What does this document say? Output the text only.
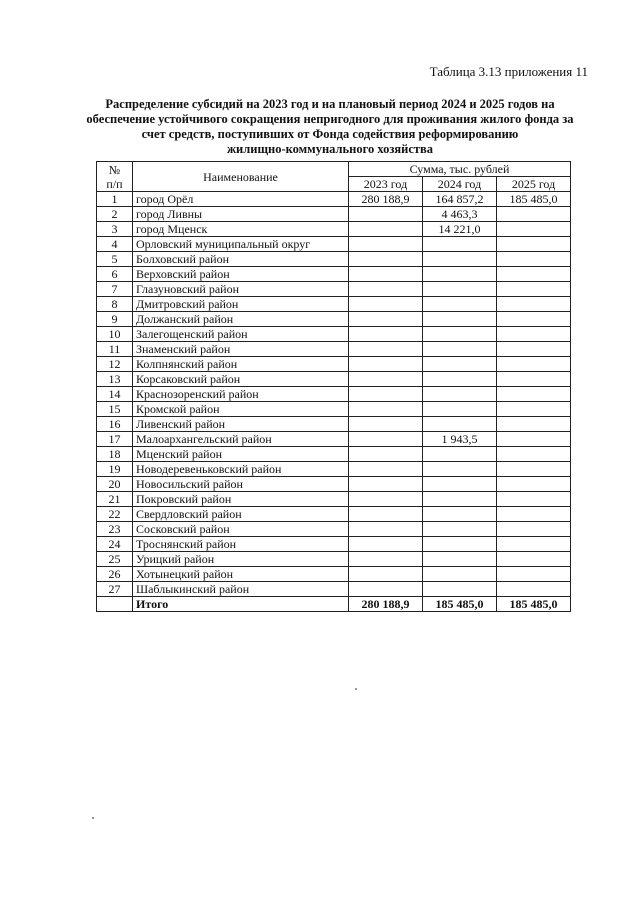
Таблица 3.13 приложения 11
Распределение субсидий на 2023 год и на плановый период 2024 и 2025 годов на
обеспечение устойчивого сокращения непригодного для проживания жилого фонда за
счет средств, поступивших от Фонда содействия реформированию
жилищно-коммунального хозяйства
№
п/п	Наименование	Сумма, тыс. рублей		
		2023 год	2024 год	2025 год
1	город Орёл	280 188,9	164 857,2	185 485,0
2	город Ливны		4 463,3	
3	город Мценск		14 221,0	
4	Орловский муниципальный округ			
5	Болховский район			
6	Верховский район			
7	Глазуновский район			
8	Дмитровский район			
9	Должанский район			
10	Залегощенский район			
11	Знаменский район			
12	Колпнянский район			
13	Корсаковский район			
14	Краснозоренский район			
15	Кромской район			
16	Ливенский район			
17	Малоархангельский район		1 943,5	
18	Мценский район			
19	Новодеревеньковский район			
20	Новосильский район			
21	Покровский район			
22	Свердловский район			
23	Сосковский район			
24	Троснянский район			
25	Урицкий район			
26	Хотынецкий район			
27	Шаблыкинский район			
	Итого	280 188,9	185 485,0	185 485,0
